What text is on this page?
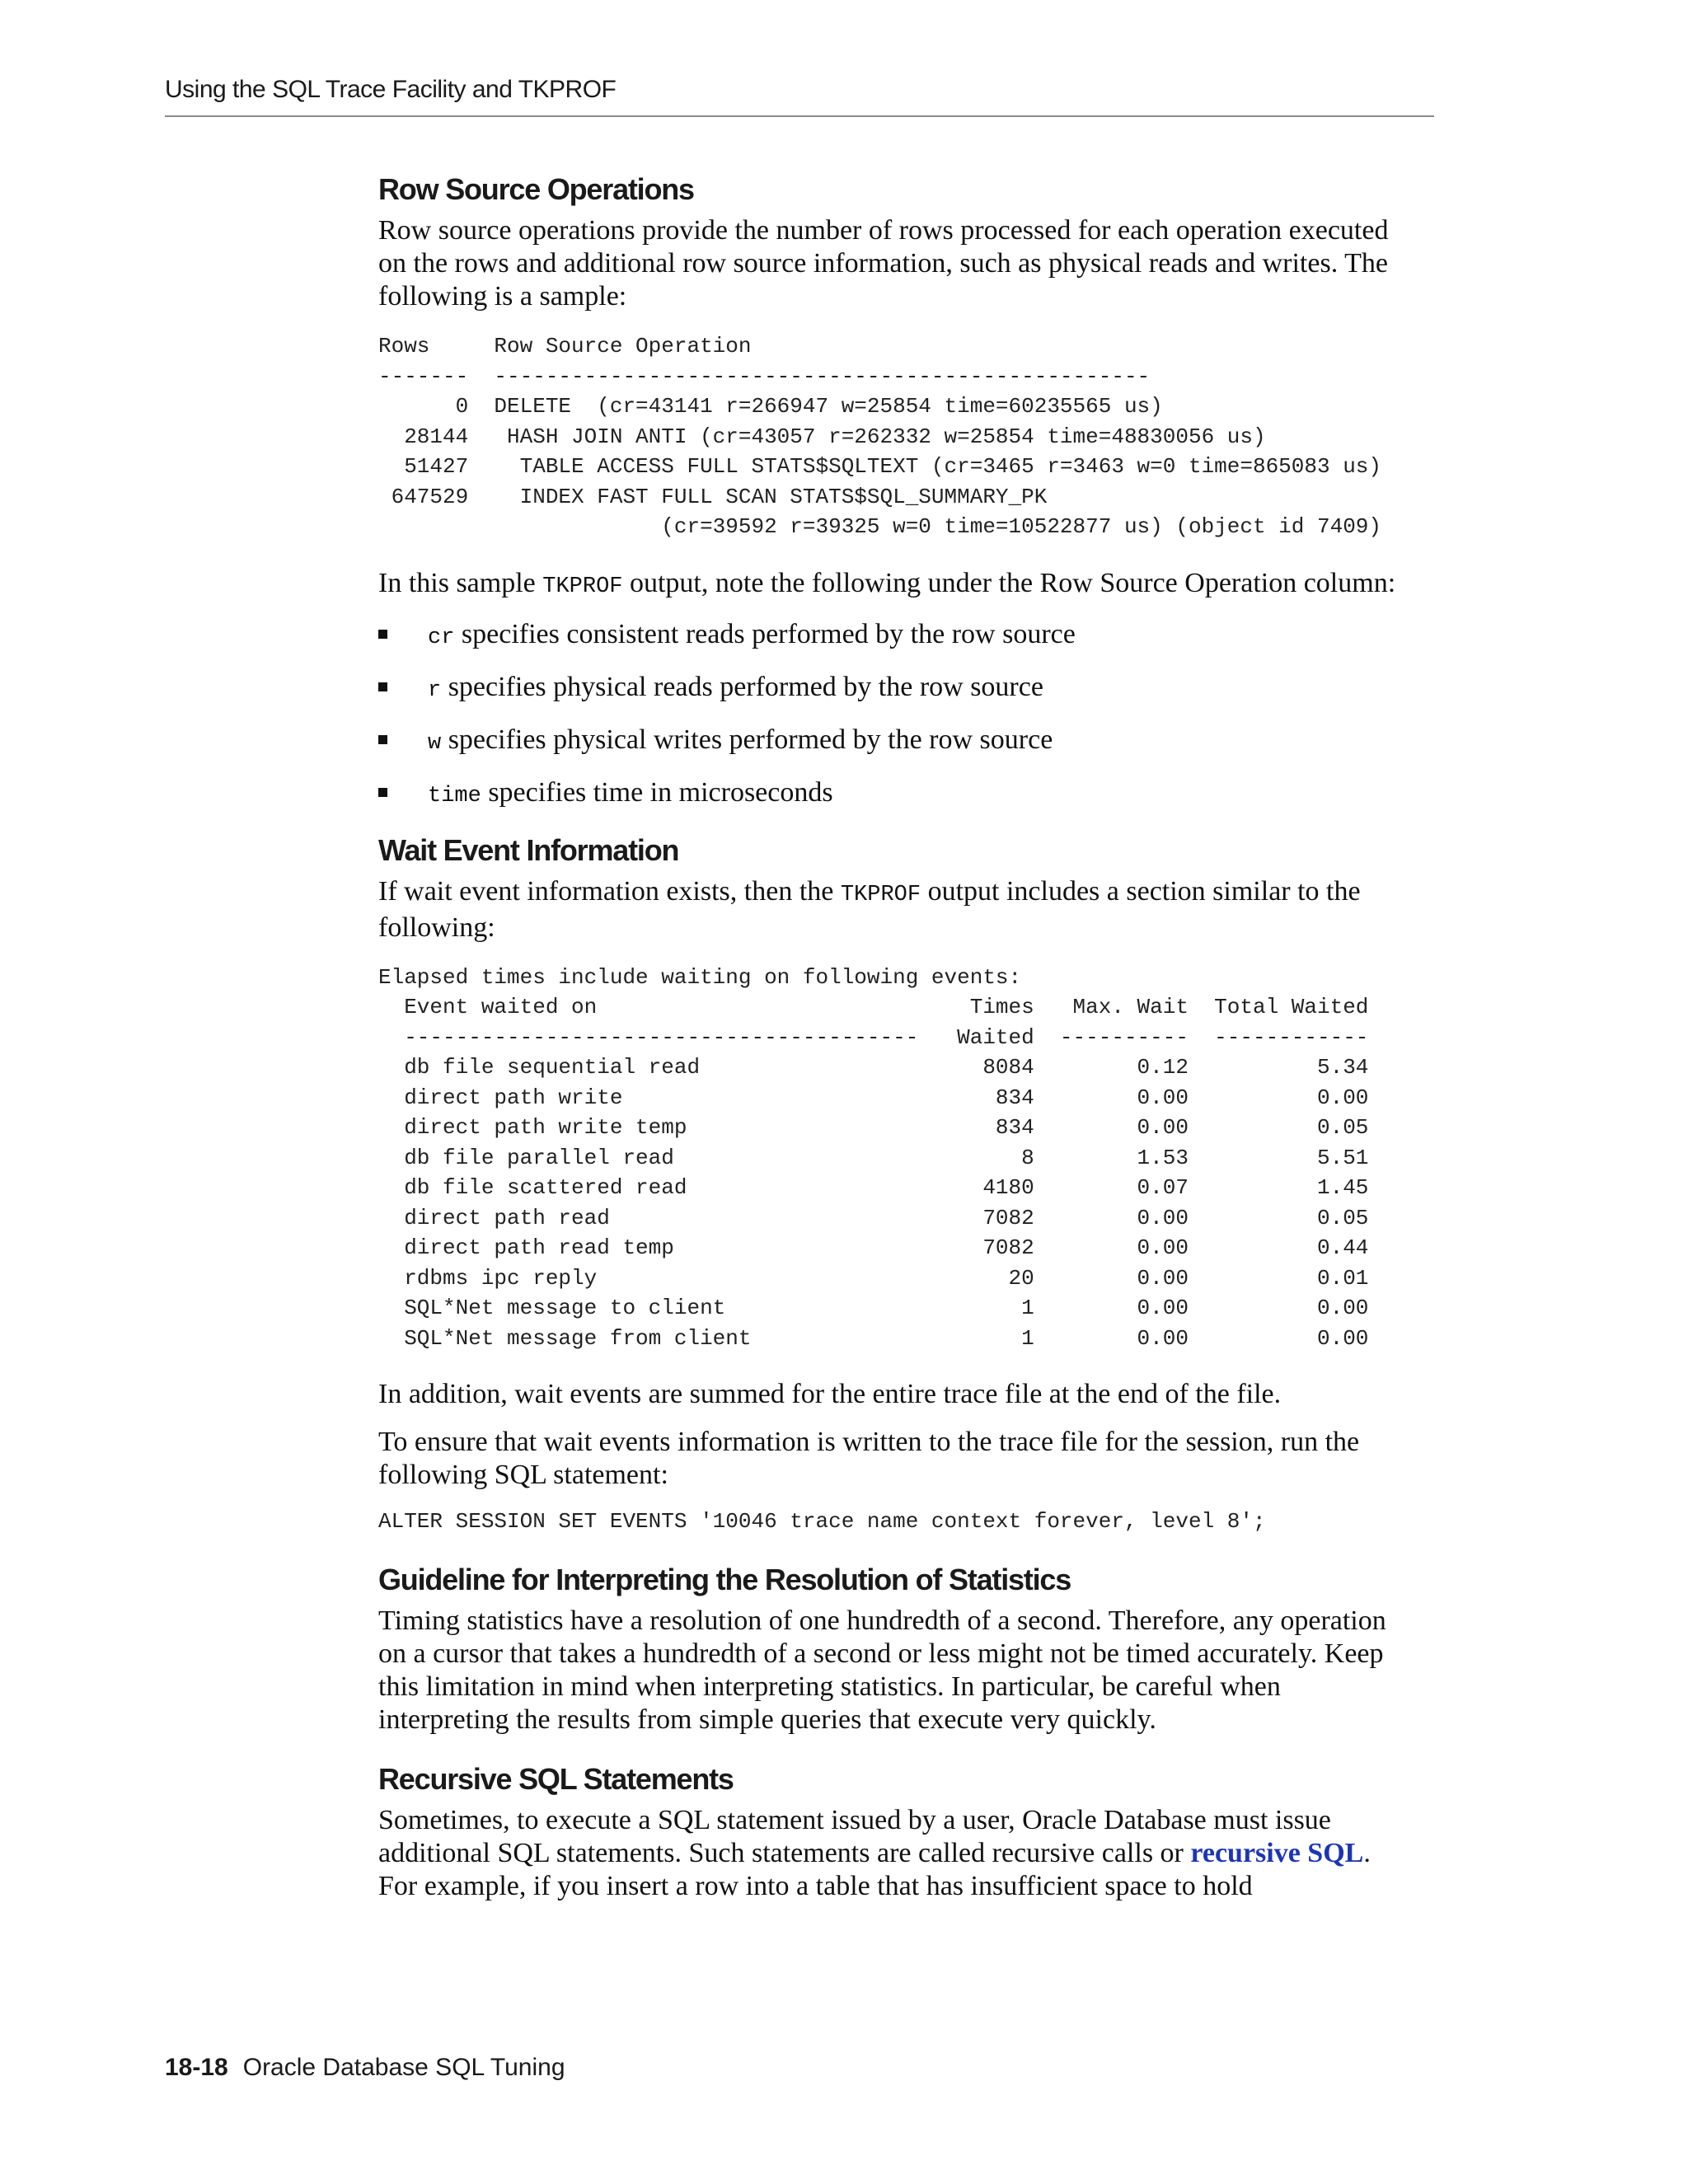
Using the SQL Trace Facility and TKPROF
Row Source Operations

Row source operations provide the number of rows processed for each operation executed on the rows and additional row source information, such as physical reads and writes. The following is a sample:

Rows     Row Source Operation
-------  ---------------------------------------------------
0  DELETE  (cr=43141 r=266947 w=25854 time=60235565 us)
28144   HASH JOIN ANTI (cr=43057 r=262332 w=25854 time=48830056 us)
51427    TABLE ACCESS FULL STATS$SQLTEXT (cr=3465 r=3463 w=0 time=865083 us)
647529    INDEX FAST FULL SCAN STATS$SQL_SUMMARY_PK
(cr=39592 r=39325 w=0 time=10522877 us) (object id 7409)

In this sample TKPROF output, note the following under the Row Source Operation column:

cr specifies consistent reads performed by the row source
r specifies physical reads performed by the row source
w specifies physical writes performed by the row source
time specifies time in microseconds
Wait Event Information

If wait event information exists, then the TKPROF output includes a section similar to the following:

Elapsed times include waiting on following events:
Event waited on                             Times   Max. Wait  Total Waited
----------------------------------------   Waited  ----------  ------------
db file sequential read                      8084        0.12          5.34
direct path write                             834        0.00          0.00
direct path write temp                        834        0.00          0.05
db file parallel read                           8        1.53          5.51
db file scattered read                       4180        0.07          1.45
direct path read                             7082        0.00          0.05
direct path read temp                        7082        0.00          0.44
rdbms ipc reply                                20        0.00          0.01
SQL*Net message to client                       1        0.00          0.00
SQL*Net message from client                     1        0.00          0.00

In addition, wait events are summed for the entire trace file at the end of the file.

To ensure that wait events information is written to the trace file for the session, run the following SQL statement:

ALTER SESSION SET EVENTS '10046 trace name context forever, level 8';
Guideline for Interpreting the Resolution of Statistics

Timing statistics have a resolution of one hundredth of a second. Therefore, any operation on a cursor that takes a hundredth of a second or less might not be timed accurately. Keep this limitation in mind when interpreting statistics. In particular, be careful when interpreting the results from simple queries that execute very quickly.

Recursive SQL Statements

Sometimes, to execute a SQL statement issued by a user, Oracle Database must issue additional SQL statements. Such statements are called recursive calls or recursive SQL. For example, if you insert a row into a table that has insufficient space to hold

18-18 Oracle Database SQL Tuning
